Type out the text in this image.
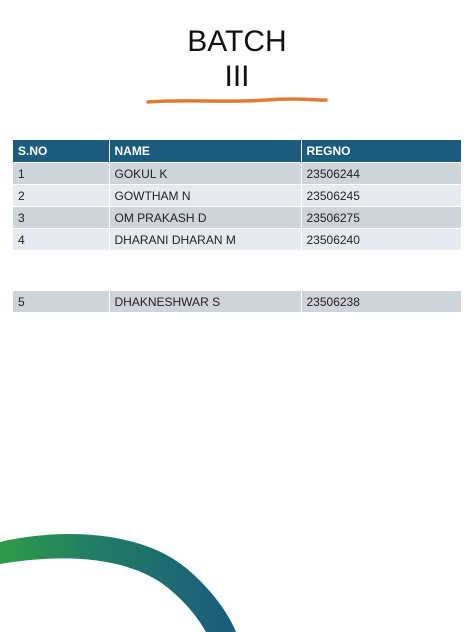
BATCH
III
S.NO	NAME	REGNO
1	GOKUL K	23506244
2	GOWTHAM N	23506245
3	OM PRAKASH D	23506275
4	DHARANI DHARAN M	23506240
5	DHAKNESHWAR S	23506238
